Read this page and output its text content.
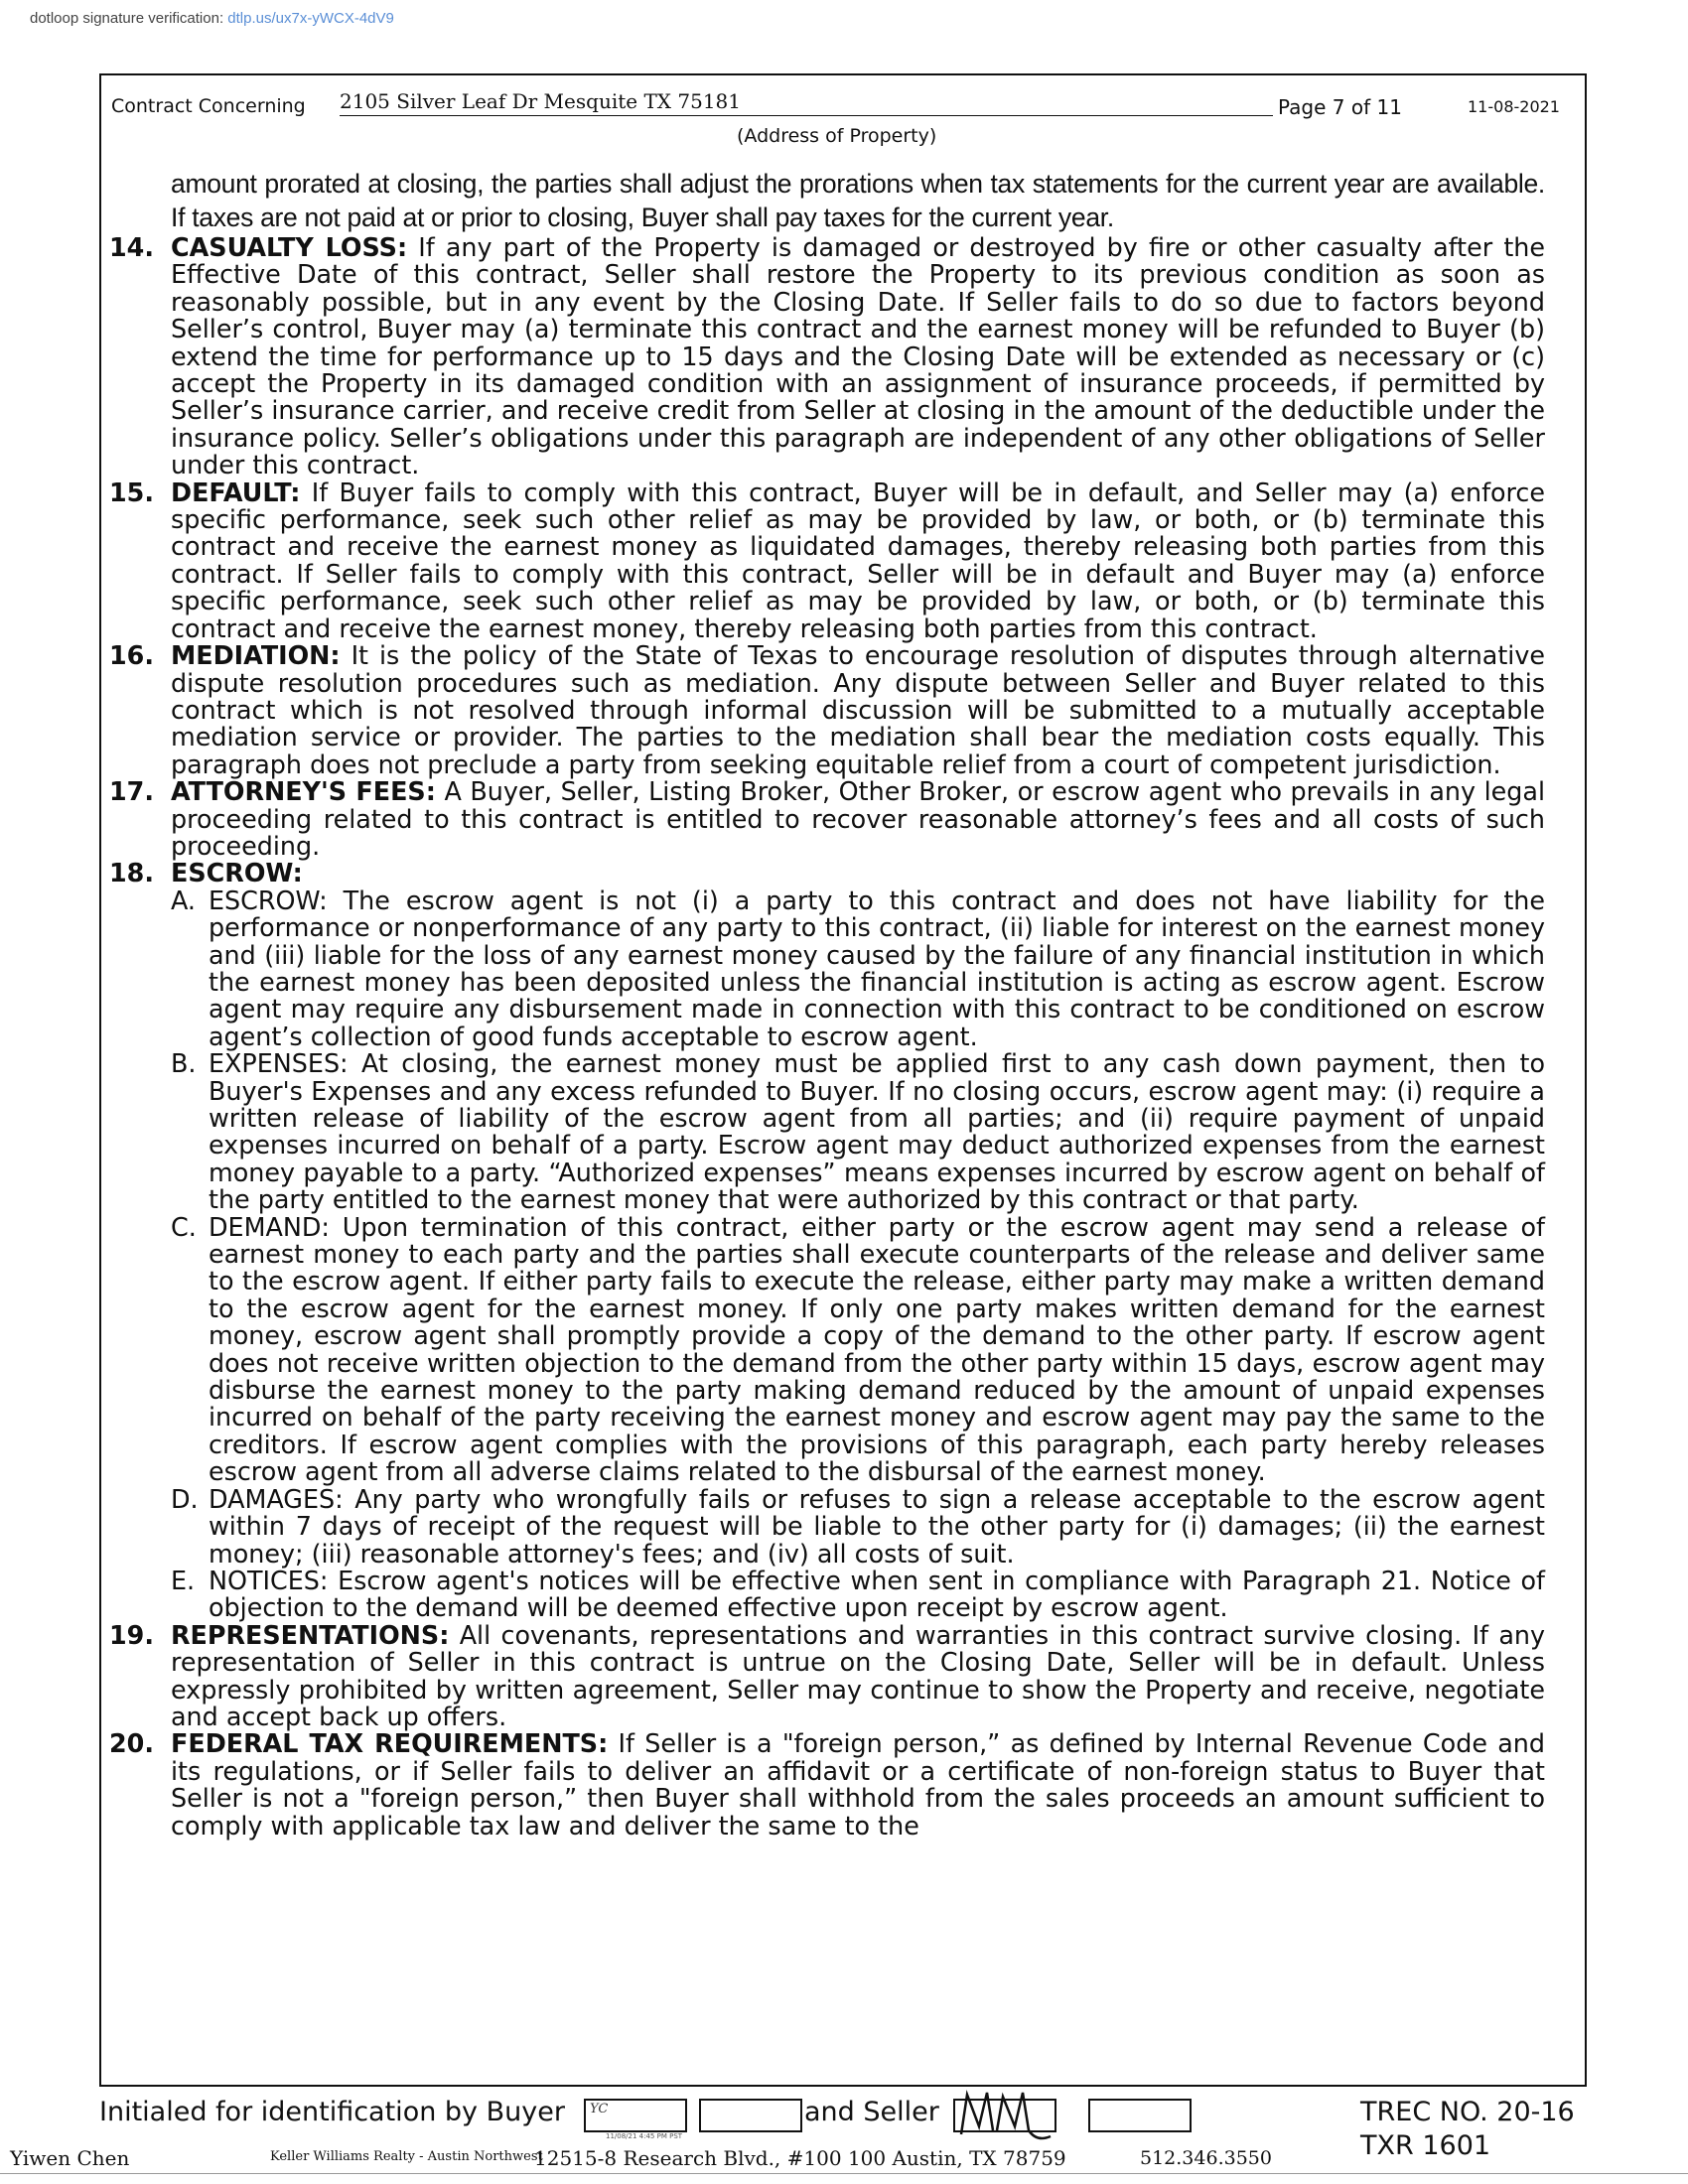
dotloop signature verification: dtlp.us/ux7x-yWCX-4dV9
Contract Concerning 2105 Silver Leaf Dr Mesquite TX 75181	Page 7 of 11	11-08-2021
(Address of Property)
amount prorated at closing, the parties shall adjust the prorations when tax statements for the current year are available. If taxes are not paid at or prior to closing, Buyer shall pay taxes for the current year.
14. CASUALTY LOSS: If any part of the Property is damaged or destroyed by fire or other casualty after the Effective Date of this contract, Seller shall restore the Property to its previous condition as soon as reasonably possible, but in any event by the Closing Date. If Seller fails to do so due to factors beyond Seller’s control, Buyer may (a) terminate this contract and the earnest money will be refunded to Buyer (b) extend the time for performance up to 15 days and the Closing Date will be extended as necessary or (c) accept the Property in its damaged condition with an assignment of insurance proceeds, if permitted by Seller’s insurance carrier, and receive credit from Seller at closing in the amount of the deductible under the insurance policy. Seller’s obligations under this paragraph are independent of any other obligations of Seller under this contract.
15. DEFAULT: If Buyer fails to comply with this contract, Buyer will be in default, and Seller may (a) enforce specific performance, seek such other relief as may be provided by law, or both, or (b) terminate this contract and receive the earnest money as liquidated damages, thereby releasing both parties from this contract. If Seller fails to comply with this contract, Seller will be in default and Buyer may (a) enforce specific performance, seek such other relief as may be provided by law, or both, or (b) terminate this contract and receive the earnest money, thereby releasing both parties from this contract.
16. MEDIATION: It is the policy of the State of Texas to encourage resolution of disputes through alternative dispute resolution procedures such as mediation. Any dispute between Seller and Buyer related to this contract which is not resolved through informal discussion will be submitted to a mutually acceptable mediation service or provider. The parties to the mediation shall bear the mediation costs equally. This paragraph does not preclude a party from seeking equitable relief from a court of competent jurisdiction.
17. ATTORNEY'S FEES: A Buyer, Seller, Listing Broker, Other Broker, or escrow agent who prevails in any legal proceeding related to this contract is entitled to recover reasonable attorney’s fees and all costs of such proceeding.
18. ESCROW:
A. ESCROW: The escrow agent is not (i) a party to this contract and does not have liability for the performance or nonperformance of any party to this contract, (ii) liable for interest on the earnest money and (iii) liable for the loss of any earnest money caused by the failure of any financial institution in which the earnest money has been deposited unless the financial institution is acting as escrow agent. Escrow agent may require any disbursement made in connection with this contract to be conditioned on escrow agent’s collection of good funds acceptable to escrow agent.
B. EXPENSES: At closing, the earnest money must be applied first to any cash down payment, then to Buyer's Expenses and any excess refunded to Buyer. If no closing occurs, escrow agent may: (i) require a written release of liability of the escrow agent from all parties; and (ii) require payment of unpaid expenses incurred on behalf of a party. Escrow agent may deduct authorized expenses from the earnest money payable to a party. “Authorized expenses” means expenses incurred by escrow agent on behalf of the party entitled to the earnest money that were authorized by this contract or that party.
C. DEMAND: Upon termination of this contract, either party or the escrow agent may send a release of earnest money to each party and the parties shall execute counterparts of the release and deliver same to the escrow agent. If either party fails to execute the release, either party may make a written demand to the escrow agent for the earnest money. If only one party makes written demand for the earnest money, escrow agent shall promptly provide a copy of the demand to the other party. If escrow agent does not receive written objection to the demand from the other party within 15 days, escrow agent may disburse the earnest money to the party making demand reduced by the amount of unpaid expenses incurred on behalf of the party receiving the earnest money and escrow agent may pay the same to the creditors. If escrow agent complies with the provisions of this paragraph, each party hereby releases escrow agent from all adverse claims related to the disbursal of the earnest money.
D. DAMAGES: Any party who wrongfully fails or refuses to sign a release acceptable to the escrow agent within 7 days of receipt of the request will be liable to the other party for (i) damages; (ii) the earnest money; (iii) reasonable attorney's fees; and (iv) all costs of suit.
E. NOTICES: Escrow agent's notices will be effective when sent in compliance with Paragraph 21. Notice of objection to the demand will be deemed effective upon receipt by escrow agent.
19. REPRESENTATIONS: All covenants, representations and warranties in this contract survive closing. If any representation of Seller in this contract is untrue on the Closing Date, Seller will be in default. Unless expressly prohibited by written agreement, Seller may continue to show the Property and receive, negotiate and accept back up offers.
20. FEDERAL TAX REQUIREMENTS: If Seller is a "foreign person,” as defined by Internal Revenue Code and its regulations, or if Seller fails to deliver an affidavit or a certificate of non-foreign status to Buyer that Seller is not a "foreign person,” then Buyer shall withhold from the sales proceeds an amount sufficient to comply with applicable tax law and deliver the same to the
Initialed for identification by Buyer YC
11/08/21 4:45 PM PST
and Seller	TREC NO. 20-16
TXR 1601
Yiwen Chen	Keller Williams Realty - Austin Northwest
12515-8 Research Blvd., #100 100 Austin, TX 78759	512.346.3550
